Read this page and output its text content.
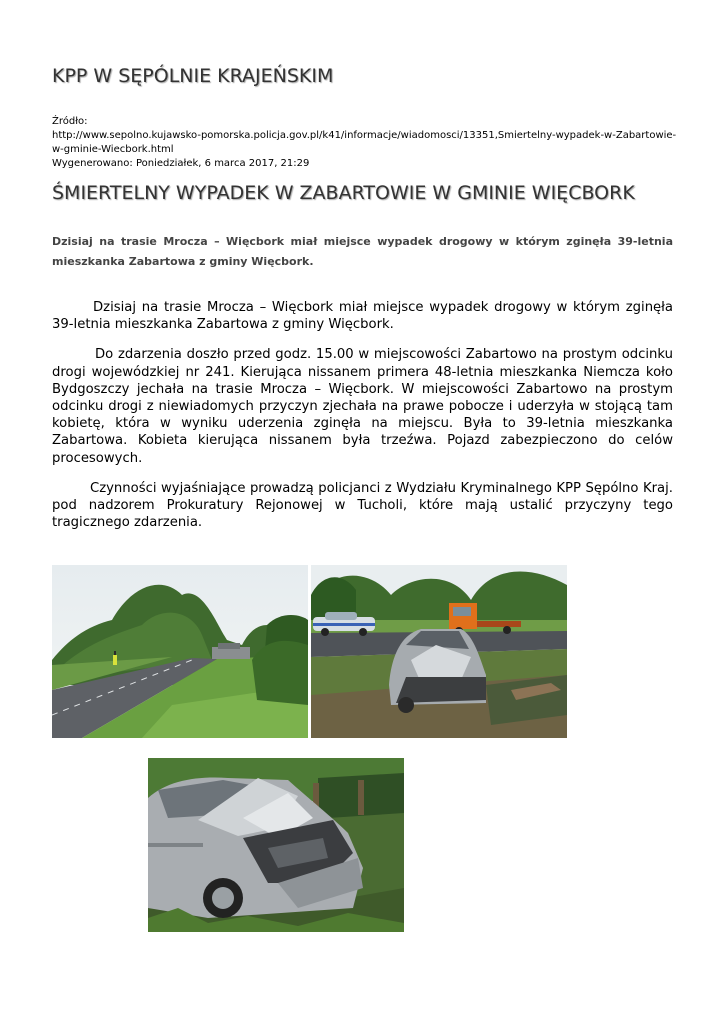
KPP W SĘPÓLNIE KRAJEŃSKIM
Źródło:
http://www.sepolno.kujawsko-pomorska.policja.gov.pl/k41/informacje/wiadomosci/13351,Smiertelny-wypadek-w-Zabartowie-
w-gminie-Wiecbork.html
Wygenerowano: Poniedziałek, 6 marca 2017, 21:29
ŚMIERTELNY WYPADEK W ZABARTOWIE W GMINIE WIĘCBORK

Dzisiaj na trasie Mrocza – Więcbork miał miejsce wypadek drogowy w którym zginęła 39-letnia mieszkanka Zabartowa z gminy Więcbork.

Dzisiaj na trasie Mrocza – Więcbork miał miejsce wypadek drogowy w którym zginęła 39-letnia mieszkanka Zabartowa z gminy Więcbork.

Do zdarzenia doszło przed godz. 15.00 w miejscowości Zabartowo na prostym odcinku drogi wojewódzkiej nr 241. Kierująca nissanem primera 48-letnia mieszkanka Niemcza koło Bydgoszczy jechała na trasie Mrocza – Więcbork. W miejscowości Zabartowo na prostym odcinku drogi z niewiadomych przyczyn zjechała na prawe pobocze i uderzyła w stojącą tam kobietę, która w wyniku uderzenia zginęła na miejscu. Była to 39-letnia mieszkanka Zabartowa. Kobieta kierująca nissanem była trzeźwa. Pojazd zabezpieczono do celów procesowych.

Czynności wyjaśniające prowadzą policjanci z Wydziału Kryminalnego KPP Sępólno Kraj. pod nadzorem Prokuratury Rejonowej w Tucholi, które mają ustalić przyczyny tego tragicznego zdarzenia.
